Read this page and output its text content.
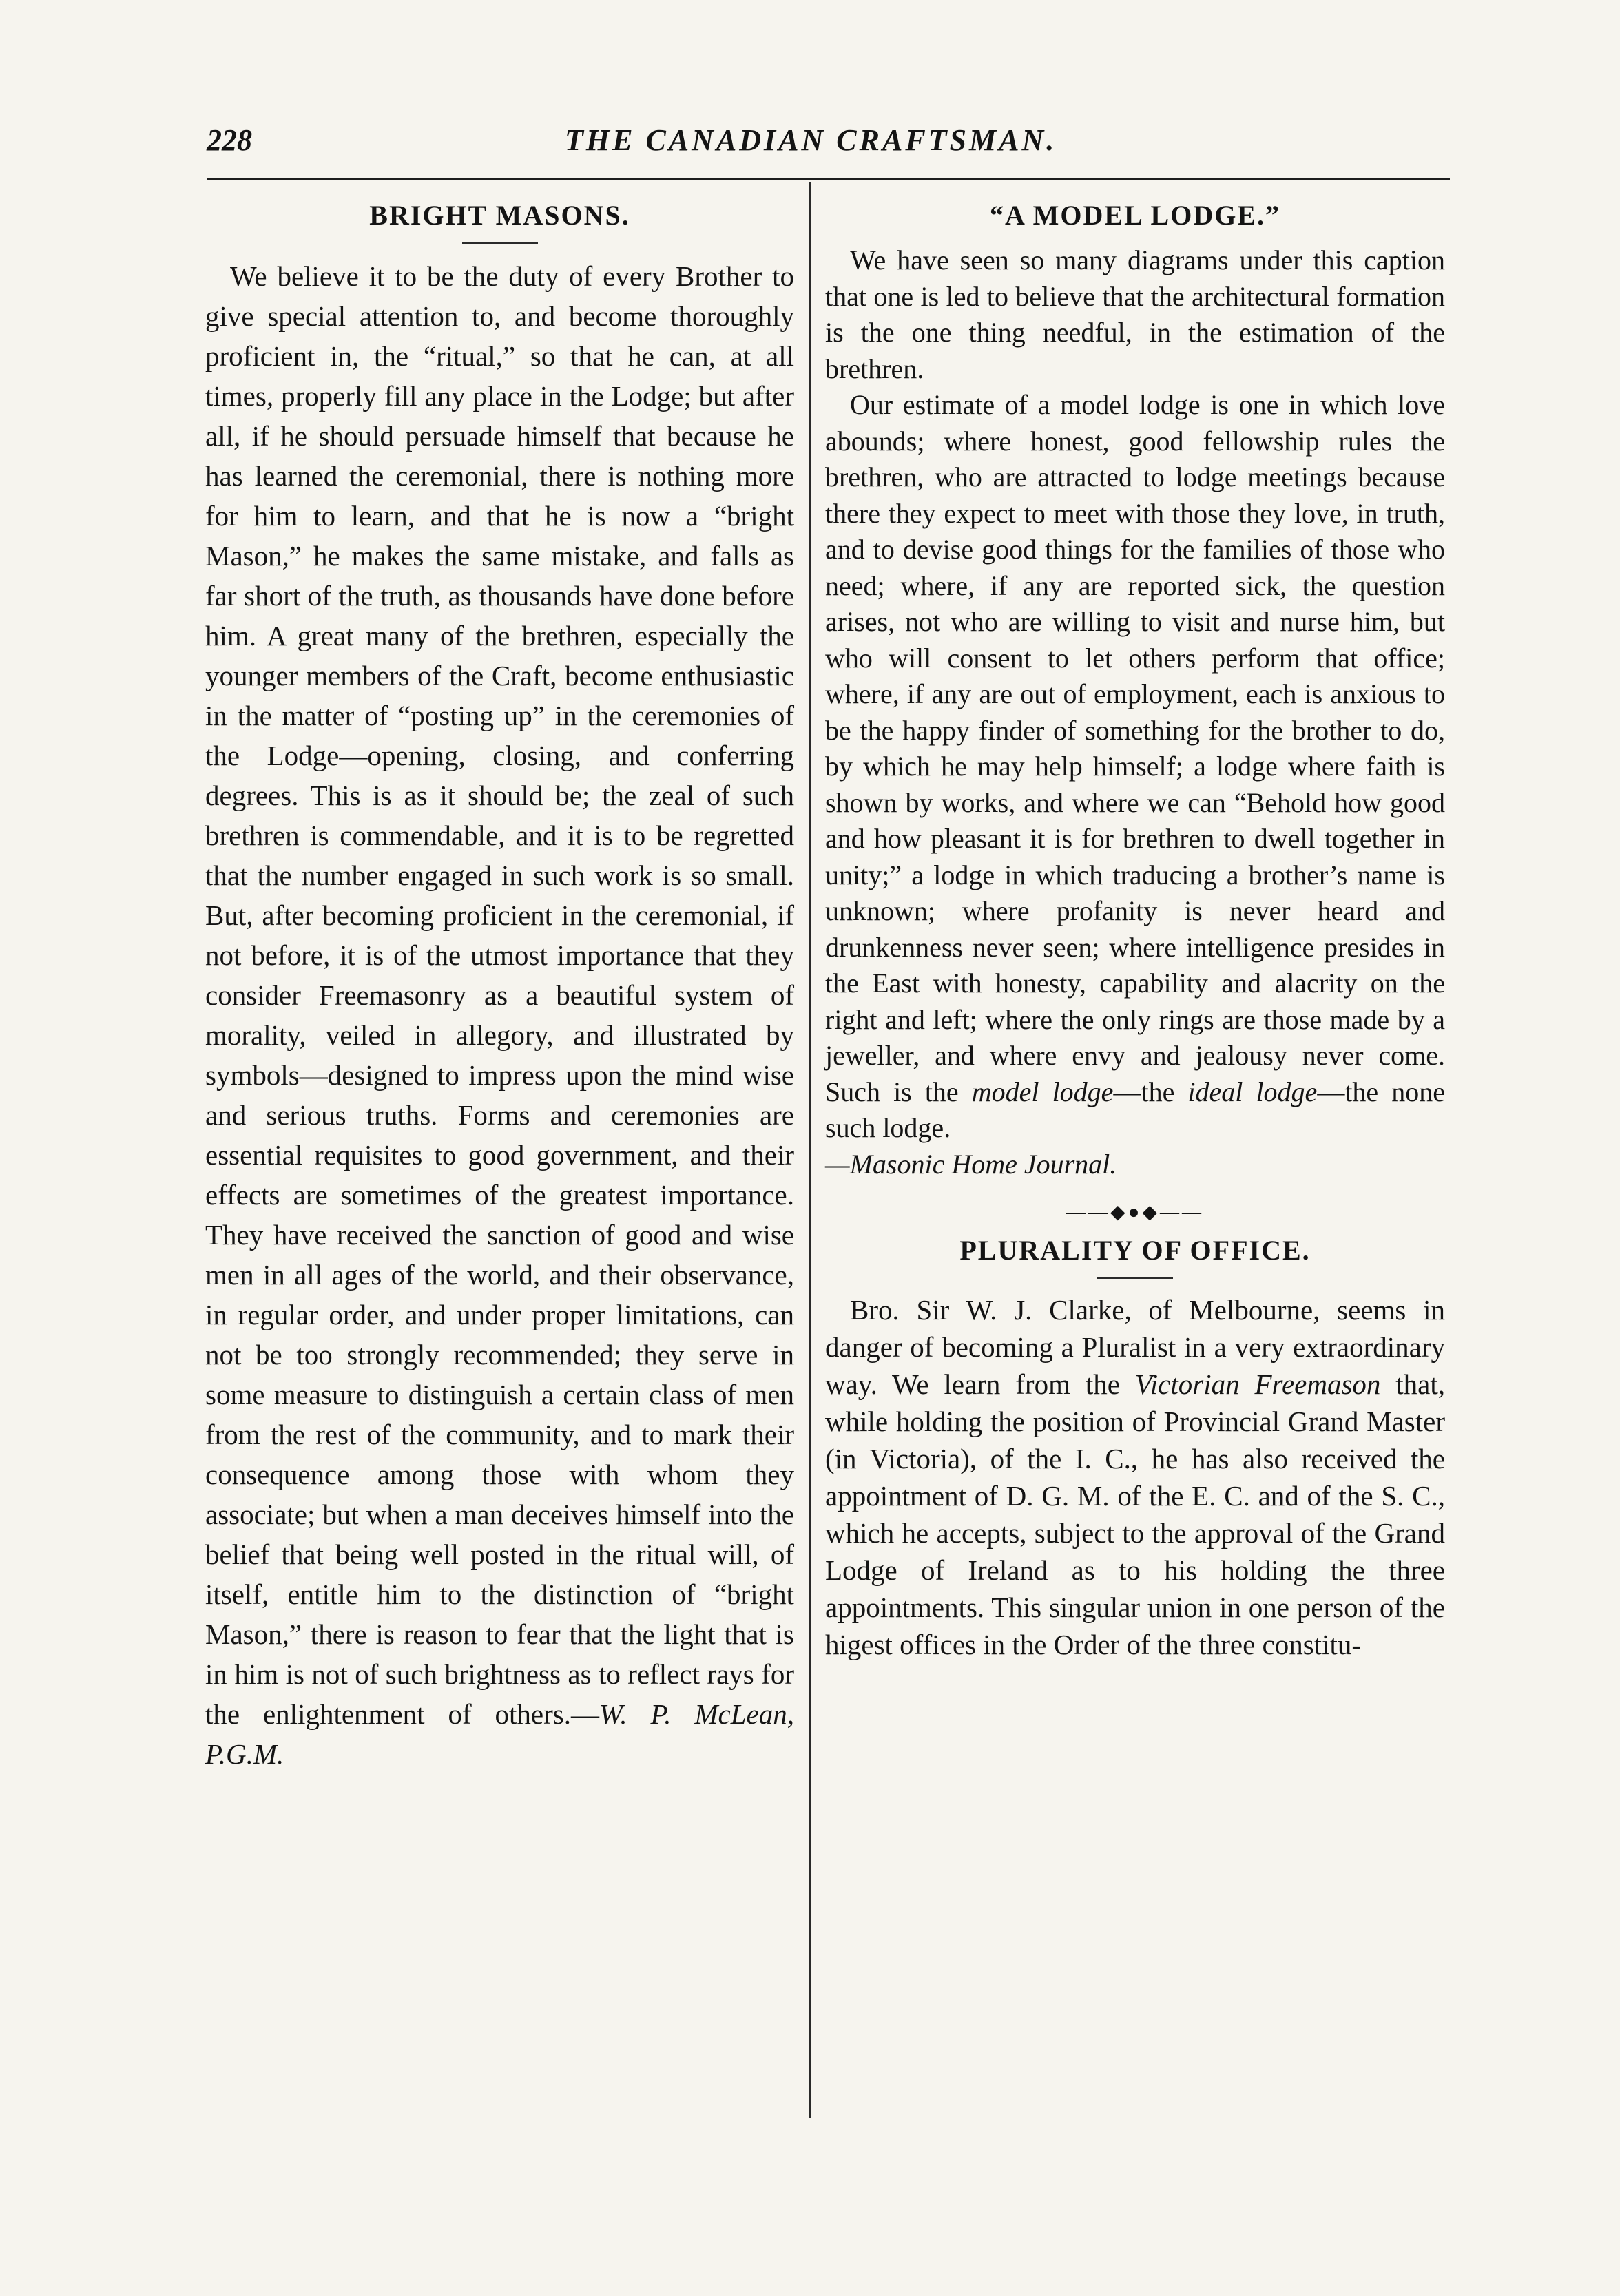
228	THE CANADIAN CRAFTSMAN.
BRIGHT MASONS.

We believe it to be the duty of every Brother to give special attention to, and become thoroughly proficient in, the “ritual,” so that he can, at all times, properly fill any place in the Lodge; but after all, if he should persuade himself that because he has learned the ceremonial, there is nothing more for him to learn, and that he is now a “bright Mason,” he makes the same mistake, and falls as far short of the truth, as thousands have done before him. A great many of the brethren, especially the younger members of the Craft, become enthusiastic in the matter of “posting up” in the ceremonies of the Lodge—opening, closing, and conferring degrees. This is as it should be; the zeal of such brethren is commendable, and it is to be regretted that the number engaged in such work is so small. But, after becoming proficient in the ceremonial, if not before, it is of the utmost importance that they consider Freemasonry as a beautiful system of morality, veiled in allegory, and illustrated by symbols—designed to impress upon the mind wise and serious truths. Forms and ceremonies are essential requisites to good government, and their effects are sometimes of the greatest importance. They have received the sanction of good and wise men in all ages of the world, and their observance, in regular order, and under proper limitations, can not be too strongly recommended; they serve in some measure to distinguish a certain class of men from the rest of the community, and to mark their consequence among those with whom they associate; but when a man deceives himself into the belief that being well posted in the ritual will, of itself, entitle him to the distinction of “bright Mason,” there is reason to fear that the light that is in him is not of such brightness as to reflect rays for the enlightenment of others.—W. P. McLean, P.G.M.

“A MODEL LODGE.”

We have seen so many diagrams under this caption that one is led to believe that the architectural formation is the one thing needful, in the estimation of the brethren.

Our estimate of a model lodge is one in which love abounds; where honest, good fellowship rules the brethren, who are attracted to lodge meetings because there they expect to meet with those they love, in truth, and to devise good things for the families of those who need; where, if any are reported sick, the question arises, not who are willing to visit and nurse him, but who will consent to let others perform that office; where, if any are out of employment, each is anxious to be the happy finder of something for the brother to do, by which he may help himself; a lodge where faith is shown by works, and where we can “Behold how good and how pleasant it is for brethren to dwell together in unity;” a lodge in which traducing a brother’s name is unknown; where profanity is never heard and drunkenness never seen; where intelligence presides in the East with honesty, capability and alacrity on the right and left; where the only rings are those made by a jeweller, and where envy and jealousy never come. Such is the model lodge—the ideal lodge—the none such lodge.
—Masonic Home Journal.

——◆●◆——
PLURALITY OF OFFICE.

Bro. Sir W. J. Clarke, of Melbourne, seems in danger of becoming a Pluralist in a very extraordinary way. We learn from the Victorian Freemason that, while holding the position of Provincial Grand Master (in Victoria), of the I. C., he has also received the appointment of D. G. M. of the E. C. and of the S. C., which he accepts, subject to the approval of the Grand Lodge of Ireland as to his holding the three appointments. This singular union in one person of the higest offices in the Order of the three constitu-
